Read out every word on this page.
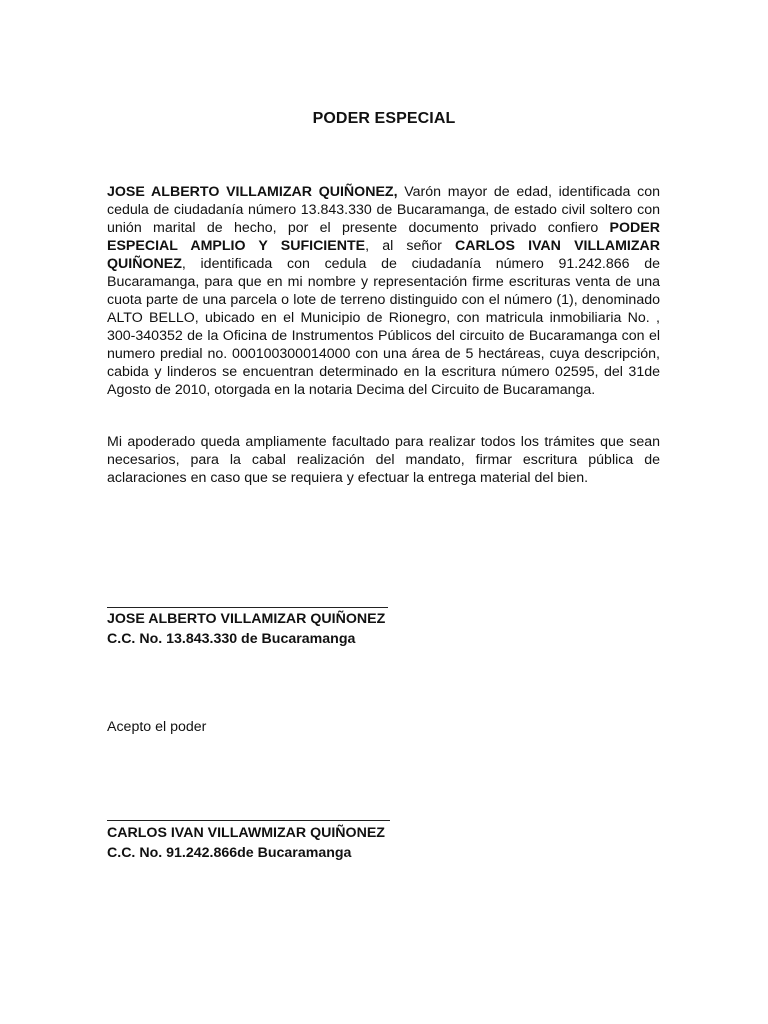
PODER ESPECIAL
JOSE ALBERTO VILLAMIZAR QUIÑONEZ, Varón mayor de edad, identificada con cedula de ciudadanía número 13.843.330 de Bucaramanga, de estado civil soltero con unión marital de hecho, por el presente documento privado confiero PODER ESPECIAL AMPLIO Y SUFICIENTE, al señor CARLOS IVAN VILLAMIZAR QUIÑONEZ, identificada con cedula de ciudadanía número 91.242.866 de Bucaramanga, para que en mi nombre y representación firme escrituras venta de una cuota parte de una parcela o lote de terreno distinguido con el número (1), denominado ALTO BELLO, ubicado en el Municipio de Rionegro, con matricula inmobiliaria No. , 300-340352 de la Oficina de Instrumentos Públicos del circuito de Bucaramanga con el numero predial no. 000100300014000 con una área de 5 hectáreas, cuya descripción, cabida y linderos se encuentran determinado en la escritura número 02595, del 31de Agosto de 2010, otorgada en la notaria Decima del Circuito de Bucaramanga.
Mi apoderado queda ampliamente facultado para realizar todos los trámites que sean necesarios, para la cabal realización del mandato, firmar escritura pública de aclaraciones en caso que se requiera y efectuar la entrega material del bien.
JOSE ALBERTO VILLAMIZAR QUIÑONEZ
C.C. No. 13.843.330 de Bucaramanga
Acepto el poder
CARLOS IVAN VILLAWMIZAR QUIÑONEZ
C.C. No. 91.242.866de Bucaramanga
